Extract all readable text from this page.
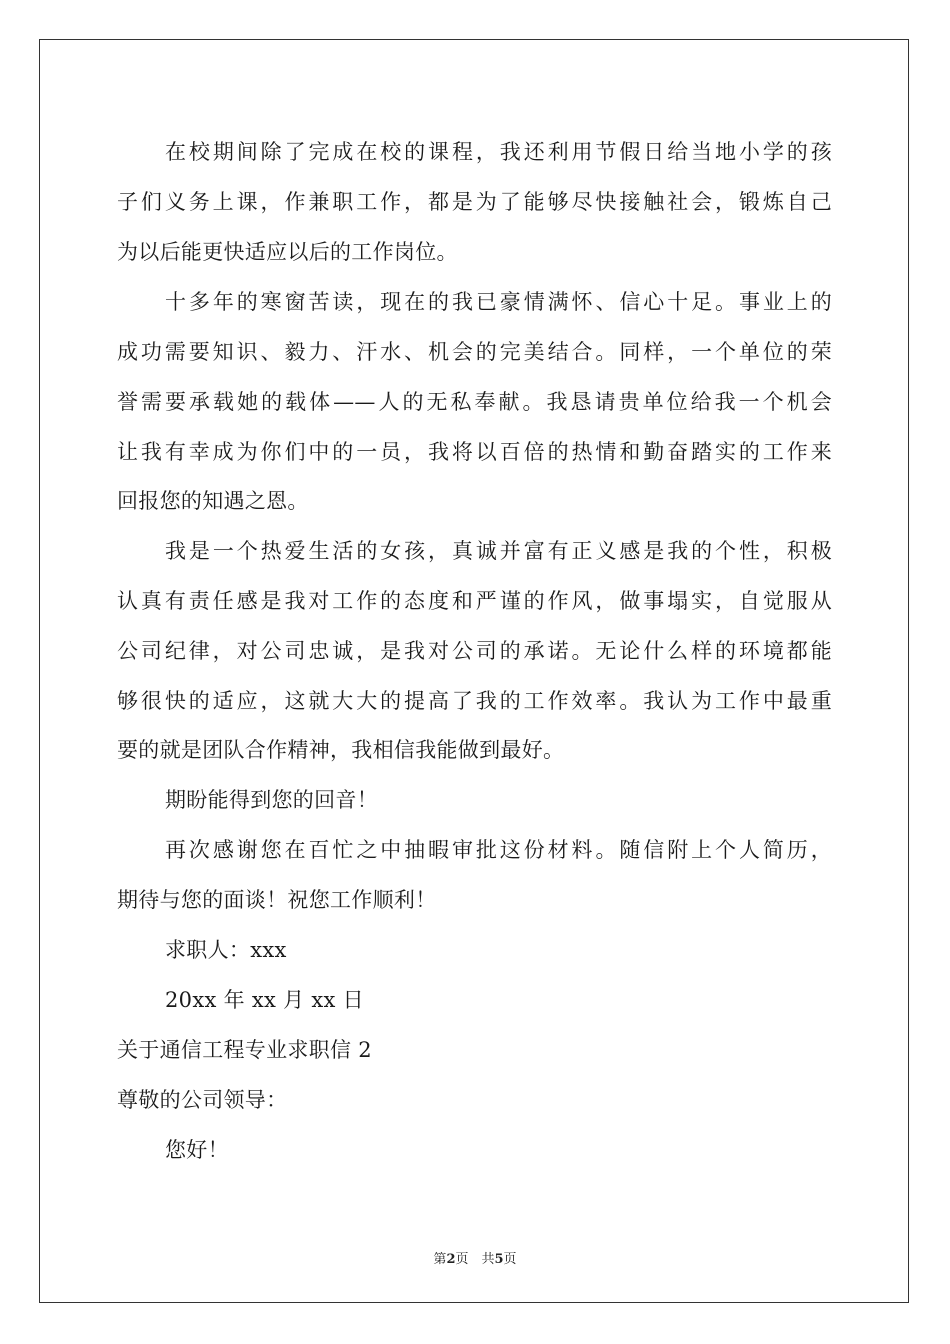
在校期间除了完成在校的课程，我还利用节假日给当地小学的孩
子们义务上课，作兼职工作，都是为了能够尽快接触社会，锻炼自己
为以后能更快适应以后的工作岗位。
十多年的寒窗苦读，现在的我已豪情满怀、信心十足。事业上的
成功需要知识、毅力、汗水、机会的完美结合。同样，一个单位的荣
誉需要承载她的载体——人的无私奉献。我恳请贵单位给我一个机会
让我有幸成为你们中的一员，我将以百倍的热情和勤奋踏实的工作来
回报您的知遇之恩。
我是一个热爱生活的女孩，真诚并富有正义感是我的个性，积极
认真有责任感是我对工作的态度和严谨的作风，做事塌实，自觉服从
公司纪律，对公司忠诚，是我对公司的承诺。无论什么样的环境都能
够很快的适应，这就大大的提高了我的工作效率。我认为工作中最重
要的就是团队合作精神，我相信我能做到最好。
期盼能得到您的回音！
再次感谢您在百忙之中抽暇审批这份材料。随信附上个人简历，
期待与您的面谈！祝您工作顺利！
求职人：xxx
20xx 年 xx 月 xx 日
关于通信工程专业求职信 2
尊敬的公司领导：
您好！
第2页　共5页
